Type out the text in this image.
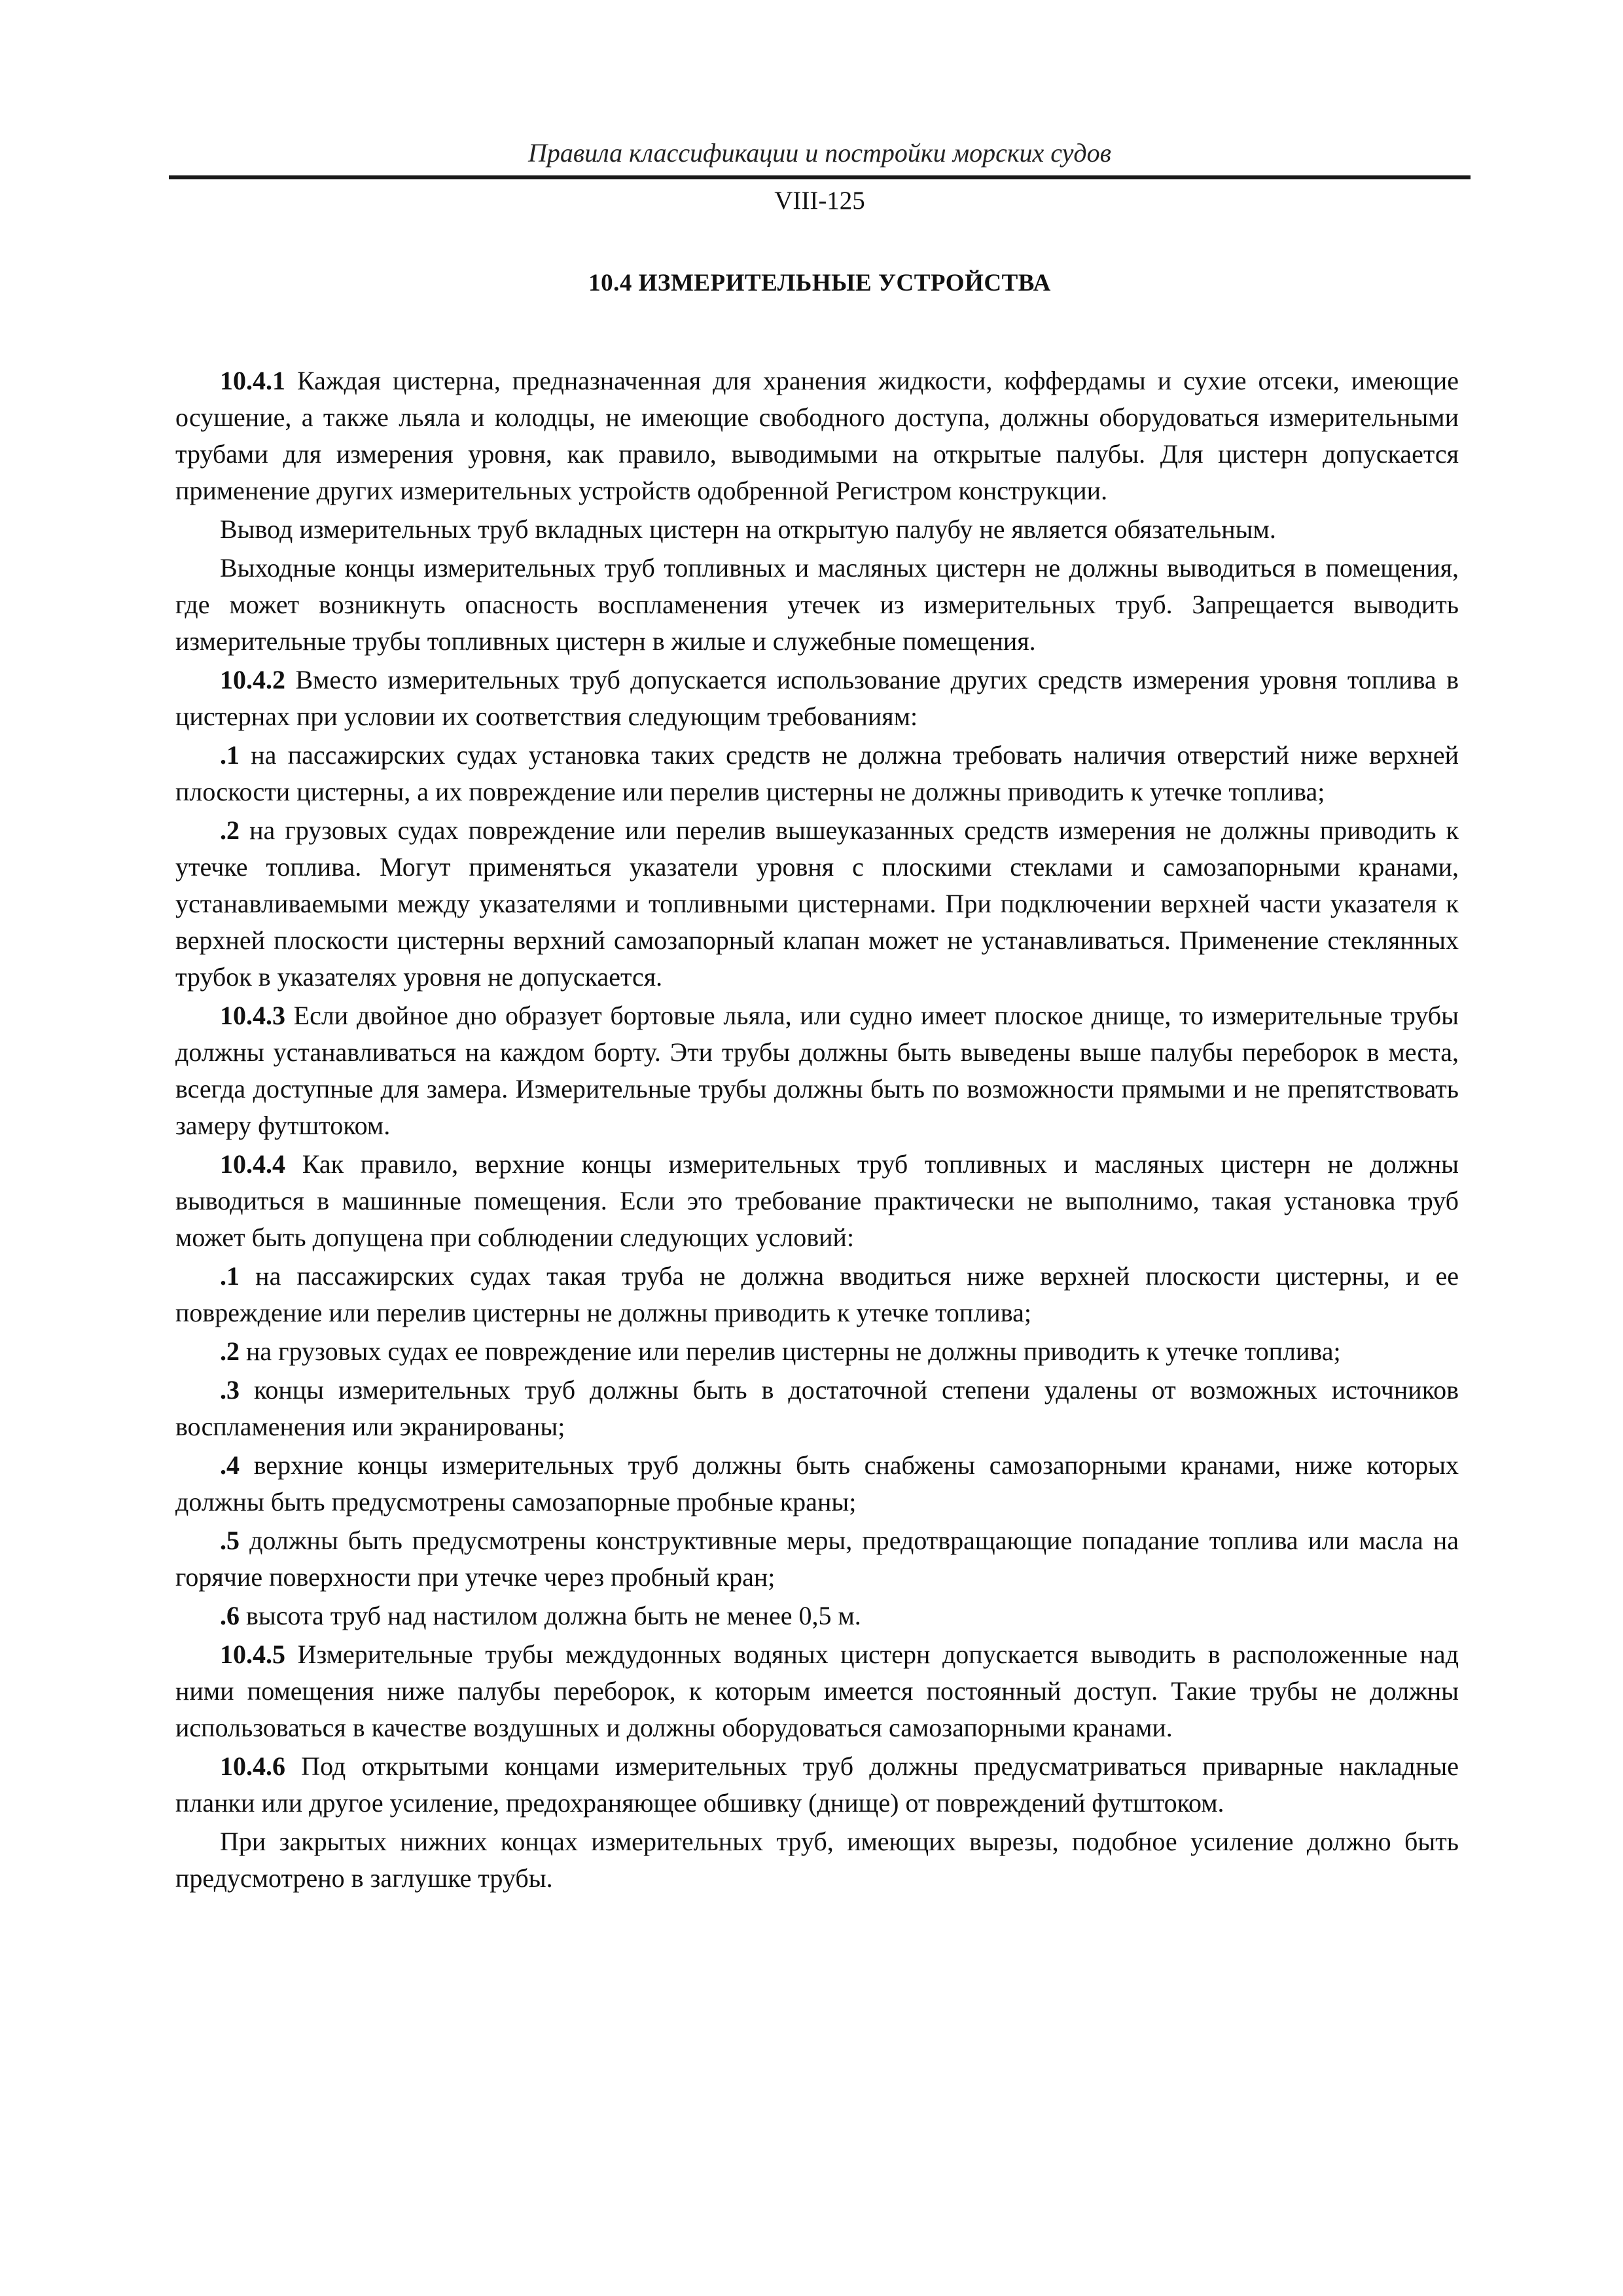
Правила классификации и постройки морских судов
VIII-125
10.4 ИЗМЕРИТЕЛЬНЫЕ УСТРОЙСТВА

10.4.1 Каждая цистерна, предназначенная для хранения жидкости, коффердамы и сухие отсеки, имеющие осушение, а также льяла и колодцы, не имеющие свободного доступа, должны оборудоваться измерительными трубами для измерения уровня, как правило, выводимыми на открытые палубы. Для цистерн допускается применение других измерительных устройств одобренной Регистром конструкции.

Вывод измерительных труб вкладных цистерн на открытую палубу не является обязательным.

Выходные концы измерительных труб топливных и масляных цистерн не должны выводиться в помещения, где может возникнуть опасность воспламенения утечек из измерительных труб. Запрещается выводить измерительные трубы топливных цистерн в жилые и служебные помещения.

10.4.2 Вместо измерительных труб допускается использование других средств измерения уровня топлива в цистернах при условии их соответствия следующим требованиям:

.1 на пассажирских судах установка таких средств не должна требовать наличия отверстий ниже верхней плоскости цистерны, а их повреждение или перелив цистерны не должны приводить к утечке топлива;

.2 на грузовых судах повреждение или перелив вышеуказанных средств измерения не должны приводить к утечке топлива. Могут применяться указатели уровня с плоскими стеклами и самозапорными кранами, устанавливаемыми между указателями и топливными цистернами. При подключении верхней части указателя к верхней плоскости цистерны верхний самозапорный клапан может не устанавливаться. Применение стеклянных трубок в указателях уровня не допускается.

10.4.3 Если двойное дно образует бортовые льяла, или судно имеет плоское днище, то измерительные трубы должны устанавливаться на каждом борту. Эти трубы должны быть выведены выше палубы переборок в места, всегда доступные для замера. Измерительные трубы должны быть по возможности прямыми и не препятствовать замеру футштоком.

10.4.4 Как правило, верхние концы измерительных труб топливных и масляных цистерн не должны выводиться в машинные помещения. Если это требование практически не выполнимо, такая установка труб может быть допущена при соблюдении следующих условий:

.1 на пассажирских судах такая труба не должна вводиться ниже верхней плоскости цистерны, и ее повреждение или перелив цистерны не должны приводить к утечке топлива;

.2 на грузовых судах ее повреждение или перелив цистерны не должны приводить к утечке топлива;

.3 концы измерительных труб должны быть в достаточной степени удалены от возможных источников воспламенения или экранированы;

.4 верхние концы измерительных труб должны быть снабжены самозапорными кранами, ниже которых должны быть предусмотрены самозапорные пробные краны;

.5 должны быть предусмотрены конструктивные меры, предотвращающие попадание топлива или масла на горячие поверхности при утечке через пробный кран;

.6 высота труб над настилом должна быть не менее 0,5 м.

10.4.5 Измерительные трубы междудонных водяных цистерн допускается выводить в расположенные над ними помещения ниже палубы переборок, к которым имеется постоянный доступ. Такие трубы не должны использоваться в качестве воздушных и должны оборудоваться самозапорными кранами.

10.4.6 Под открытыми концами измерительных труб должны предусматриваться приварные накладные планки или другое усиление, предохраняющее обшивку (днище) от повреждений футштоком.

При закрытых нижних концах измерительных труб, имеющих вырезы, подобное усиление должно быть предусмотрено в заглушке трубы.
